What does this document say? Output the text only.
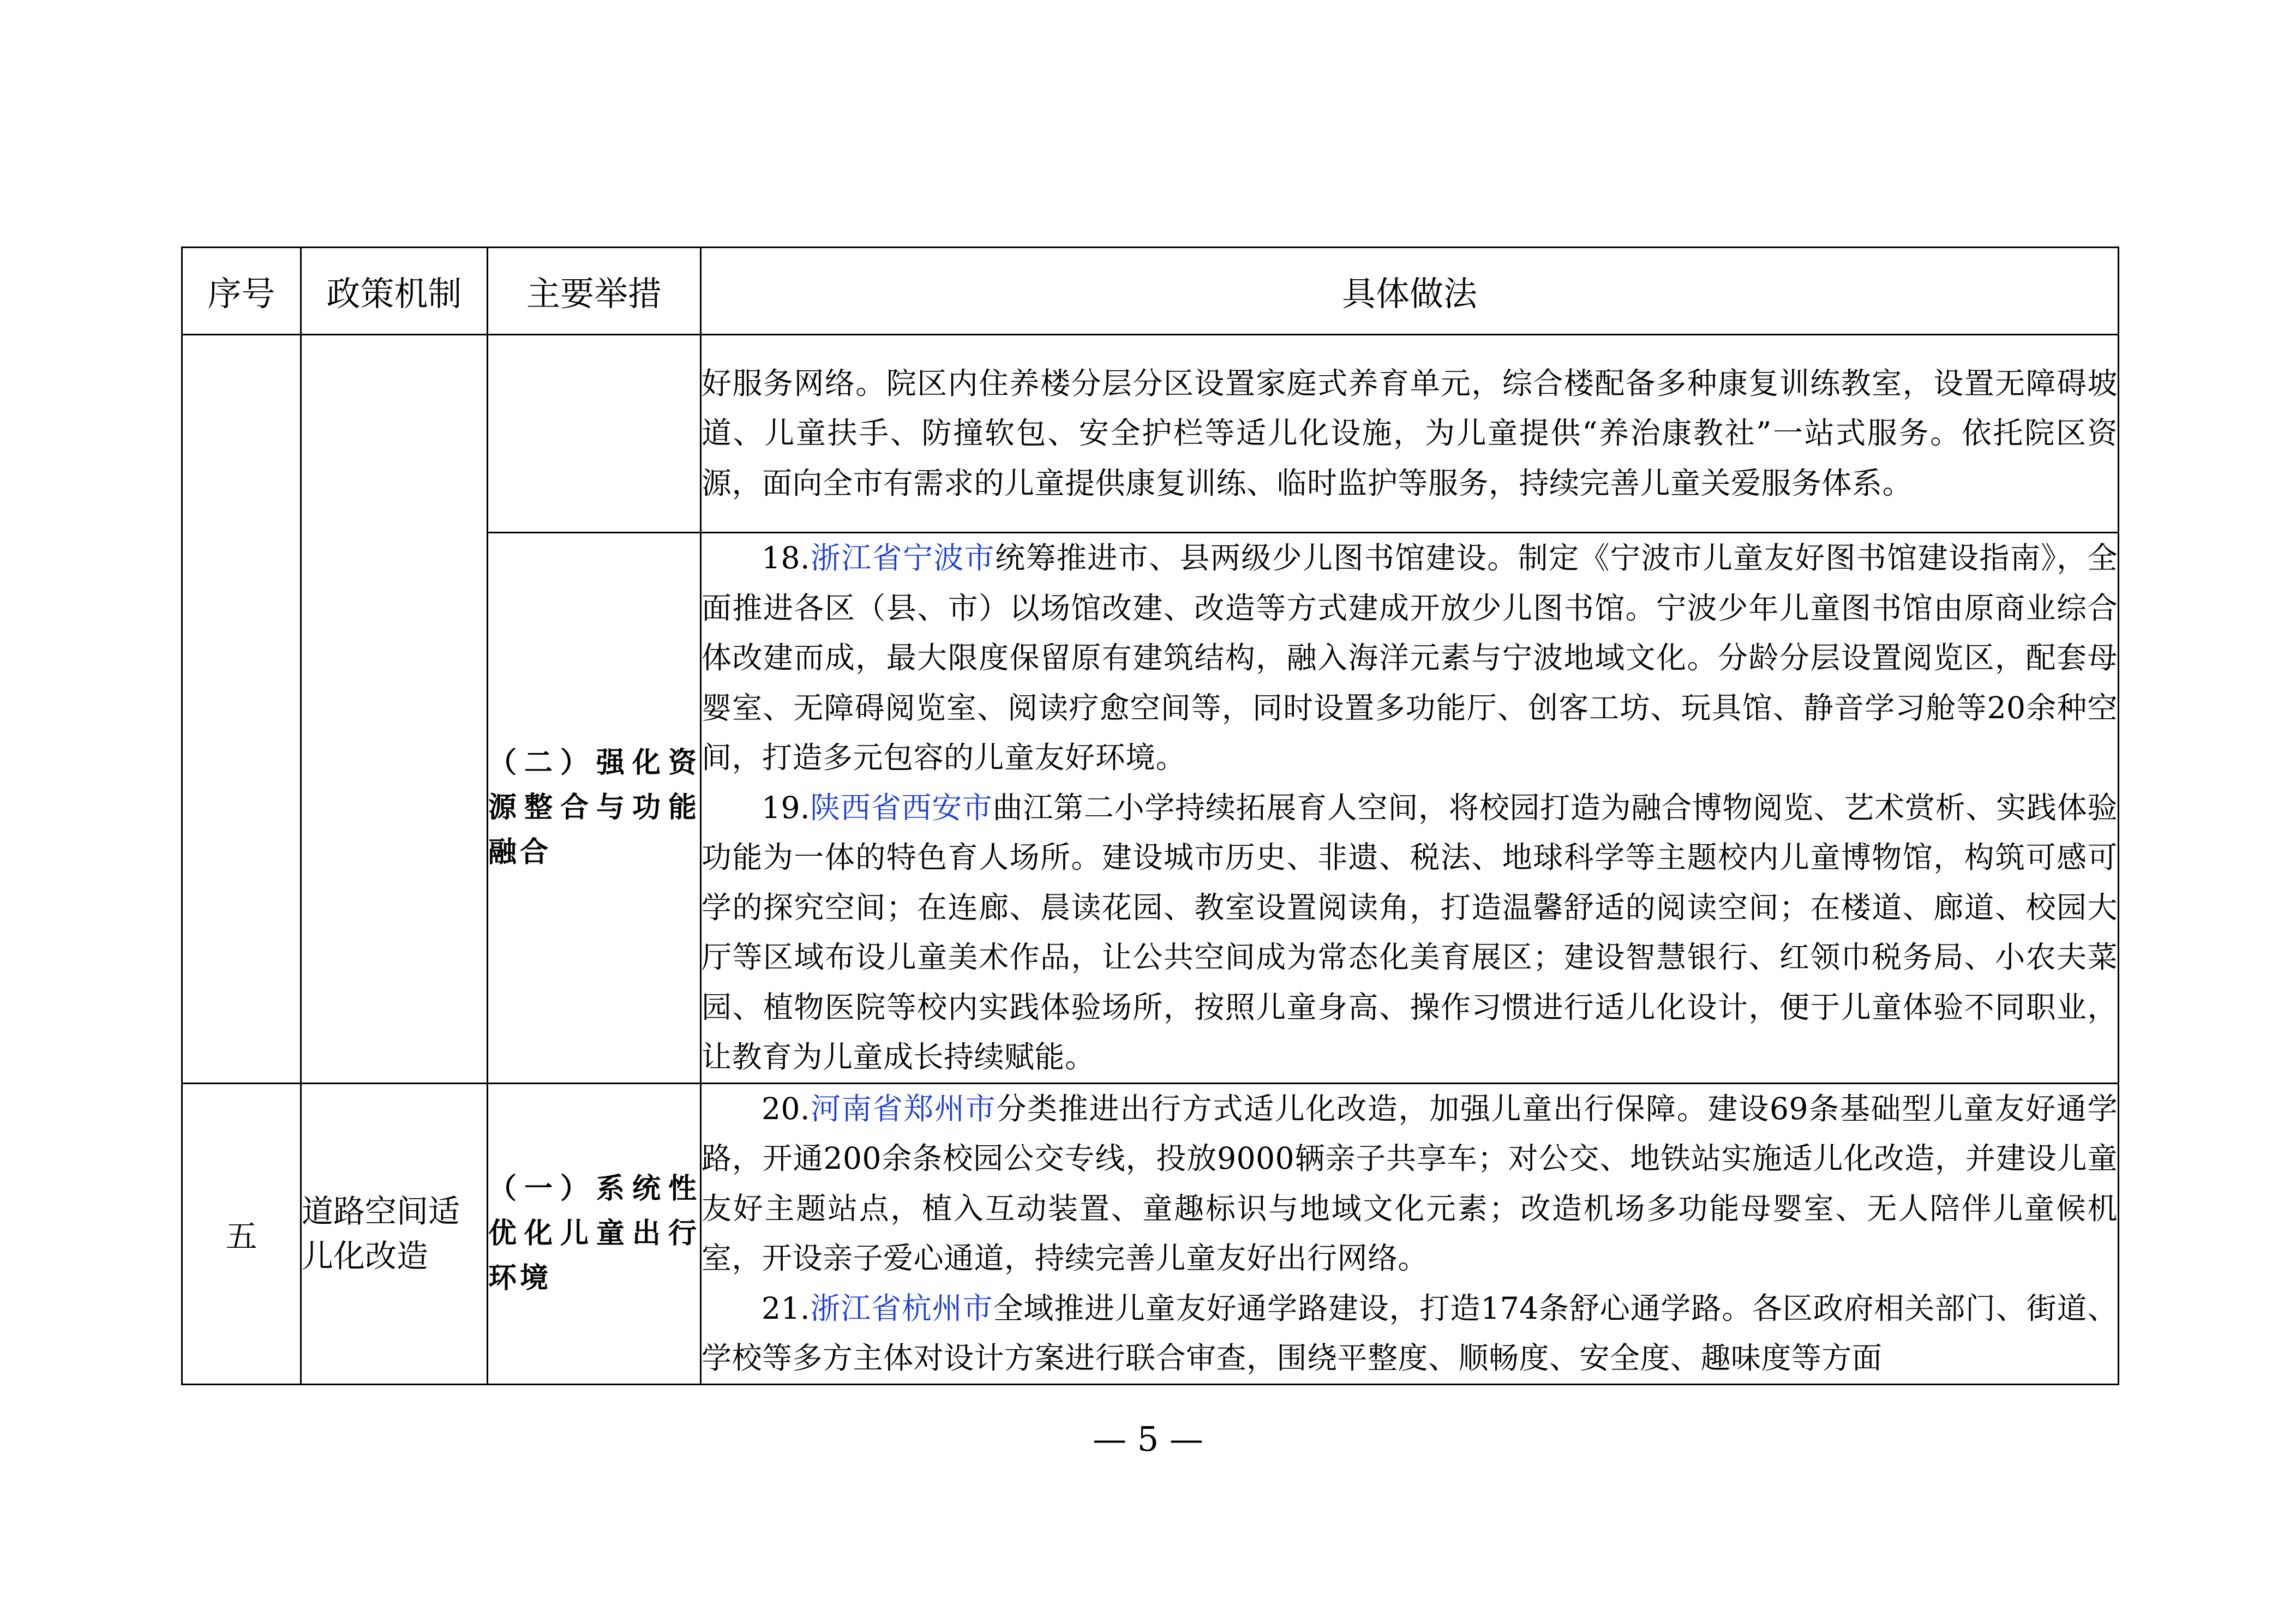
序号	政策机制	主要举措	具体做法

			好服务网络。院区内住养楼分层分区设置家庭式养育单元，综合楼配备多种康复训练教室，设置无障碍坡道、儿童扶手、防撞软包、安全护栏等适儿化设施，为儿童提供“养治康教社”一站式服务。依托院区资源，面向全市有需求的儿童提供康复训练、临时监护等服务，持续完善儿童关爱服务体系。

		（二）强化资源整合与功能融合	18.浙江省宁波市统筹推进市、县两级少儿图书馆建设。制定《宁波市儿童友好图书馆建设指南》，全面推进各区（县、市）以场馆改建、改造等方式建成开放少儿图书馆。宁波少年儿童图书馆由原商业综合体改建而成，最大限度保留原有建筑结构，融入海洋元素与宁波地域文化。分龄分层设置阅览区，配套母婴室、无障碍阅览室、阅读疗愈空间等，同时设置多功能厅、创客工坊、玩具馆、静音学习舱等20余种空间，打造多元包容的儿童友好环境。

19.陕西省西安市曲江第二小学持续拓展育人空间，将校园打造为融合博物阅览、艺术赏析、实践体验功能为一体的特色育人场所。建设城市历史、非遗、税法、地球科学等主题校内儿童博物馆，构筑可感可学的探究空间；在连廊、晨读花园、教室设置阅读角，打造温馨舒适的阅读空间；在楼道、廊道、校园大厅等区域布设儿童美术作品，让公共空间成为常态化美育展区；建设智慧银行、红领巾税务局、小农夫菜园、植物医院等校内实践体验场所，按照儿童身高、操作习惯进行适儿化设计，便于儿童体验不同职业，让教育为儿童成长持续赋能。

五	道路空间适儿化改造	（一）系统性优化儿童出行环境	20.河南省郑州市分类推进出行方式适儿化改造，加强儿童出行保障。建设69条基础型儿童友好通学路，开通200余条校园公交专线，投放9000辆亲子共享车；对公交、地铁站实施适儿化改造，并建设儿童友好主题站点，植入互动装置、童趣标识与地域文化元素；改造机场多功能母婴室、无人陪伴儿童候机室，开设亲子爱心通道，持续完善儿童友好出行网络。

21.浙江省杭州市全域推进儿童友好通学路建设，打造174条舒心通学路。各区政府相关部门、街道、学校等多方主体对设计方案进行联合审查，围绕平整度、顺畅度、安全度、趣味度等方面

— 5 —
